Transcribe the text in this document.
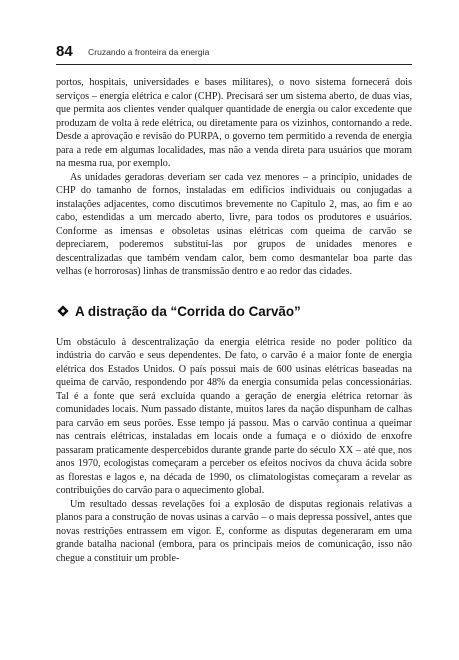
84 Cruzando a fronteira da energia

portos, hospitais, universidades e bases militares), o novo sistema fornecerá dois serviços – energia elétrica e calor (CHP). Precisará ser um sistema aberto, de duas vias, que permita aos clientes vender qualquer quantidade de energia ou calor excedente que produzam de volta à rede elétrica, ou diretamente para os vizinhos, contornando a rede. Desde a aprovação e revisão do PURPA, o governo tem permitido a revenda de energia para a rede em algumas localidades, mas não a venda direta para usuários que moram na mesma rua, por exemplo.

As unidades geradoras deveriam ser cada vez menores – a princípio, unidades de CHP do tamanho de fornos, instaladas em edifícios individuais ou conjugadas a instalações adjacentes, como discutimos brevemente no Capítulo 2, mas, ao fim e ao cabo, estendidas a um mercado aberto, livre, para todos os produtores e usuários. Conforme as imensas e obsoletas usinas elétricas com queima de carvão se depreciarem, poderemos substituí-las por grupos de unidades menores e descentralizadas que também vendam calor, bem como desmantelar boa parte das velhas (e horrorosas) linhas de transmissão dentro e ao redor das cidades.

A distração da “Corrida do Carvão”

Um obstáculo à descentralização da energia elétrica reside no poder político da indústria do carvão e seus dependentes. De fato, o carvão é a maior fonte de energia elétrica dos Estados Unidos. O país possui mais de 600 usinas elétricas baseadas na queima de carvão, respondendo por 48% da energia consumida pelas concessionárias. Tal é a fonte que será excluída quando a geração de energia elétrica retornar às comunidades locais. Num passado distante, muitos lares da nação dispunham de calhas para carvão em seus porões. Esse tempo já passou. Mas o carvão continua a queimar nas centrais elétricas, instaladas em locais onde a fumaça e o dióxido de enxofre passaram praticamente despercebidos durante grande parte do século XX – até que, nos anos 1970, ecologistas começaram a perceber os efeitos nocivos da chuva ácida sobre as florestas e lagos e, na década de 1990, os climatologistas começaram a revelar as contribuições do carvão para o aquecimento global.

Um resultado dessas revelações foi a explosão de disputas regionais relativas a planos para a construção de novas usinas a carvão – o mais depressa possível, antes que novas restrições entrassem em vigor. E, conforme as disputas degeneraram em uma grande batalha nacional (embora, para os principais meios de comunicação, isso não chegue a constituir um proble-
